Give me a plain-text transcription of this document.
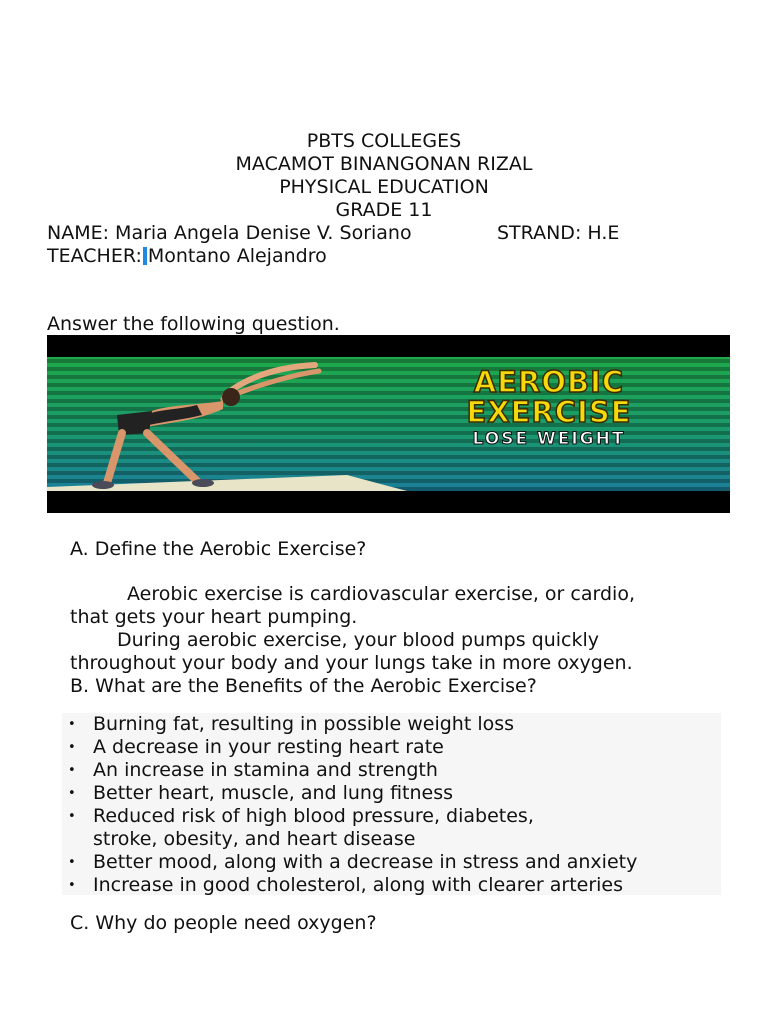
PBTS COLLEGES
MACAMOT BINANGONAN RIZAL
PHYSICAL EDUCATION
GRADE 11
NAME: Maria Angela Denise V. Soriano	STRAND: H.E
TEACHER: Montano Alejandro
Answer the following question.
AEROBIC
EXERCISE
LOSE WEIGHT
A. Define the Aerobic Exercise?
Aerobic exercise is cardiovascular exercise, or cardio,
that gets your heart pumping.
During aerobic exercise, your blood pumps quickly
throughout your body and your lungs take in more oxygen.
B. What are the Benefits of the Aerobic Exercise?
• Burning fat, resulting in possible weight loss
• A decrease in your resting heart rate
• An increase in stamina and strength
• Better heart, muscle, and lung fitness
• Reduced risk of high blood pressure, diabetes,
stroke, obesity, and heart disease
• Better mood, along with a decrease in stress and anxiety
• Increase in good cholesterol, along with clearer arteries
C. Why do people need oxygen?
